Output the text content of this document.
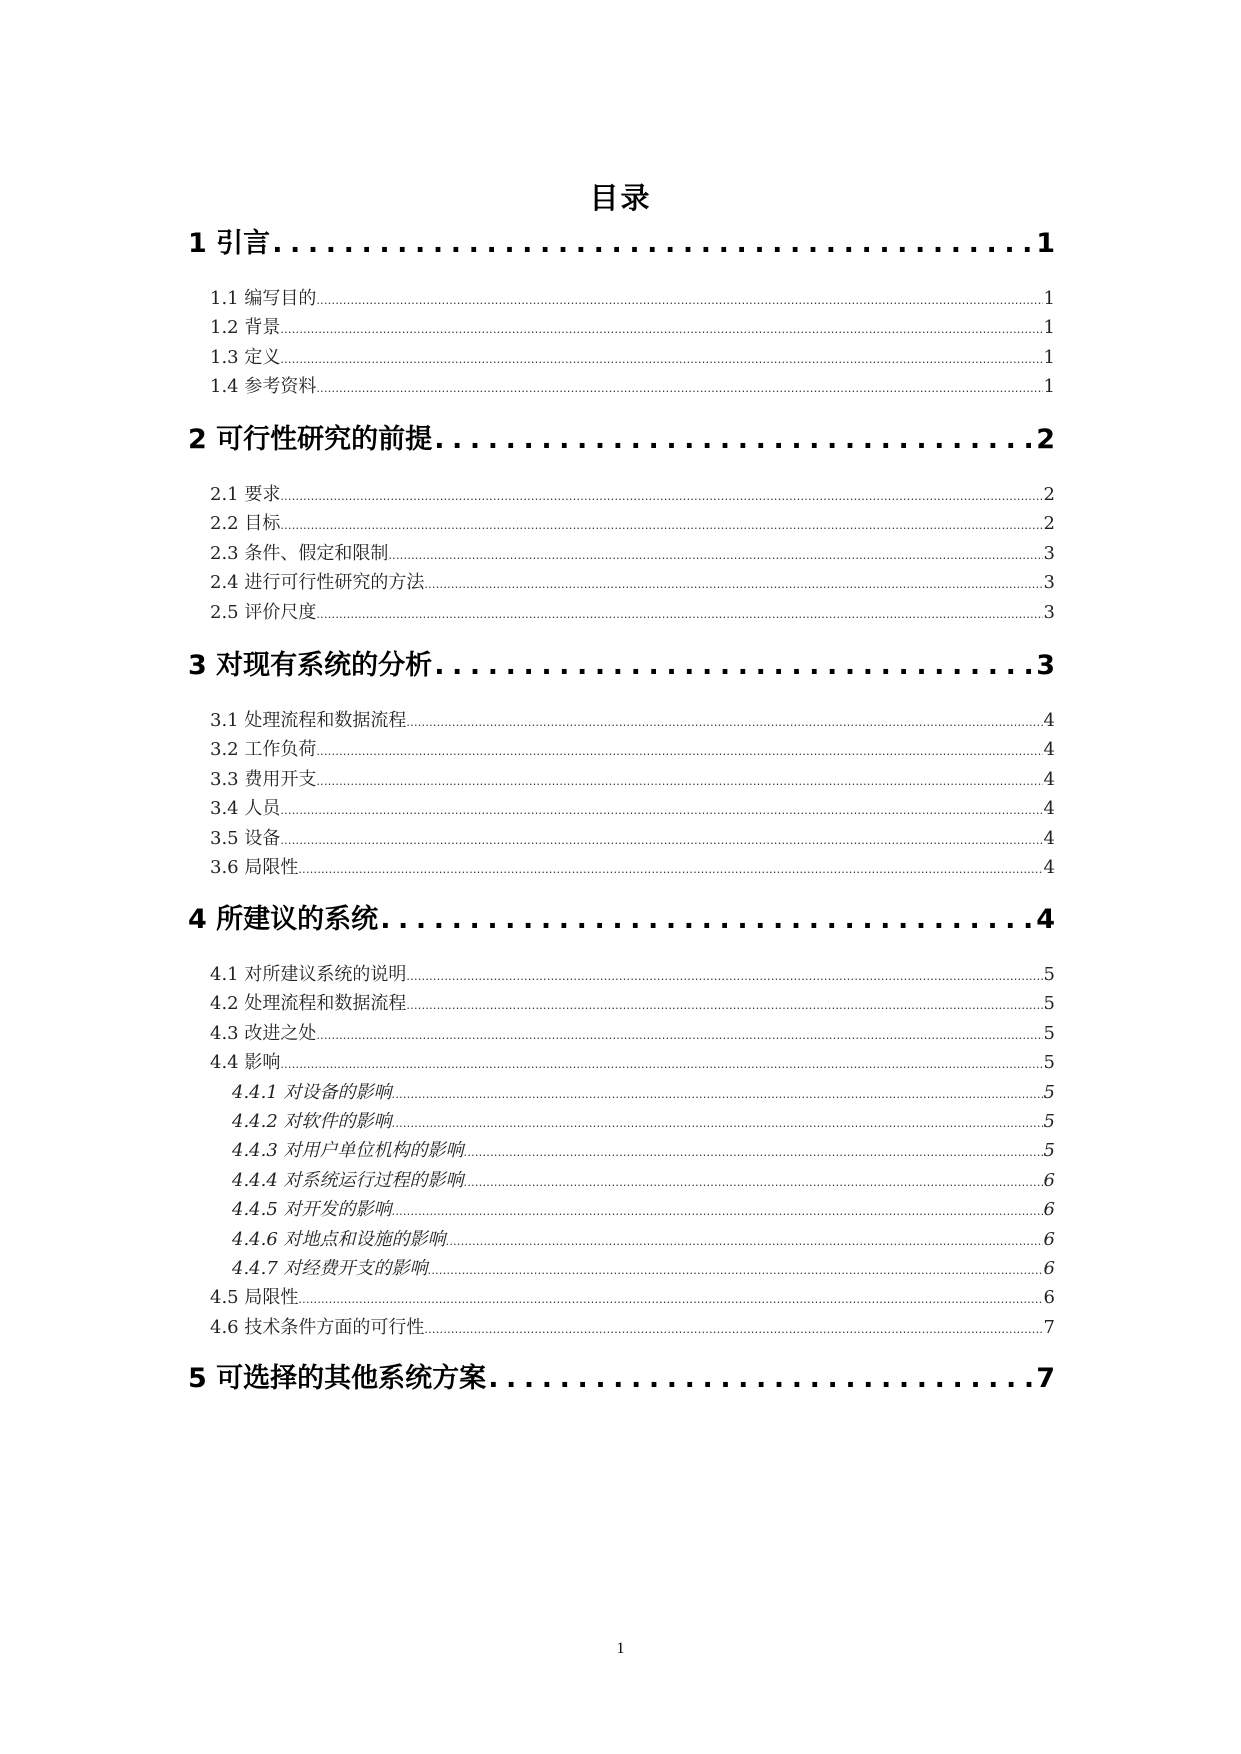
目录
1 引言 .....	1
1.1 编写目的 .....	1
1.2 背景 .....	1
1.3 定义 .....	1
1.4 参考资料 .....	1
2 可行性研究的前提 .....	2
2.1 要求 .....	2
2.2 目标 .....	2
2.3 条件、假定和限制 .....	3
2.4 进行可行性研究的方法 .....	3
2.5 评价尺度 .....	3
3 对现有系统的分析 .....	3
3.1 处理流程和数据流程 .....	4
3.2 工作负荷 .....	4
3.3 费用开支 .....	4
3.4 人员 .....	4
3.5 设备 .....	4
3.6 局限性 .....	4
4 所建议的系统 .....	4
4.1 对所建议系统的说明 .....	5
4.2 处理流程和数据流程 .....	5
4.3 改进之处 .....	5
4.4 影响 .....	5
4.4.1 对设备的影响 .....	5
4.4.2 对软件的影响 .....	5
4.4.3 对用户单位机构的影响 .....	5
4.4.4 对系统运行过程的影响 .....	6
4.4.5 对开发的影响 .....	6
4.4.6 对地点和设施的影响 .....	6
4.4.7 对经费开支的影响 .....	6
4.5 局限性 .....	6
4.6 技术条件方面的可行性 .....	7
5 可选择的其他系统方案 .....	7
1
